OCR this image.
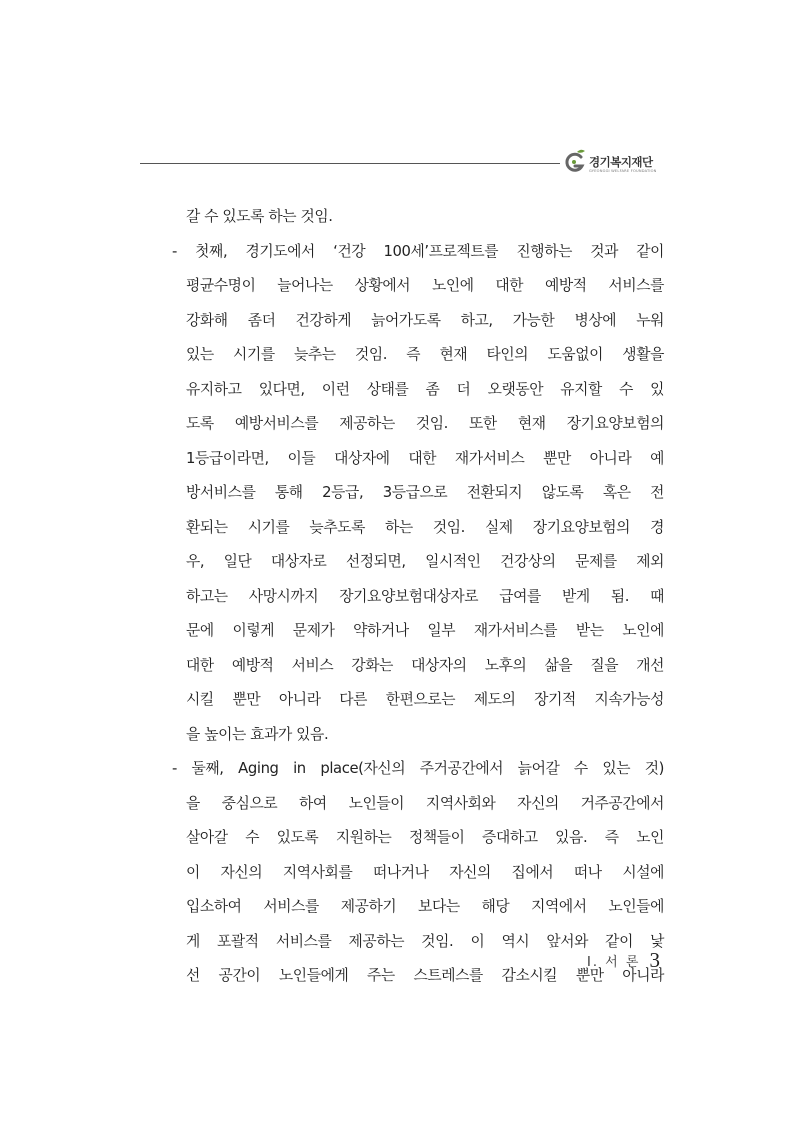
경기복지재단
GYEONGGI WELFARE FOUNDATION
갈 수 있도록 하는 것임.
- 첫째, 경기도에서 ‘건강 100세’프로젝트를 진행하는 것과 같이
평균수명이 늘어나는 상황에서 노인에 대한 예방적 서비스를
강화해 좀더 건강하게 늙어가도록 하고, 가능한 병상에 누워
있는 시기를 늦추는 것임. 즉 현재 타인의 도움없이 생활을
유지하고 있다면, 이런 상태를 좀 더 오랫동안 유지할 수 있
도록 예방서비스를 제공하는 것임. 또한 현재 장기요양보험의
1등급이라면, 이들 대상자에 대한 재가서비스 뿐만 아니라 예
방서비스를 통해 2등급, 3등급으로 전환되지 않도록 혹은 전
환되는 시기를 늦추도록 하는 것임. 실제 장기요양보험의 경
우, 일단 대상자로 선정되면, 일시적인 건강상의 문제를 제외
하고는 사망시까지 장기요양보험대상자로 급여를 받게 됨. 때
문에 이렇게 문제가 약하거나 일부 재가서비스를 받는 노인에
대한 예방적 서비스 강화는 대상자의 노후의 삶을 질을 개선
시킬 뿐만 아니라 다른 한편으로는 제도의 장기적 지속가능성
을 높이는 효과가 있음.
- 둘째, Aging in place(자신의 주거공간에서 늙어갈 수 있는 것)
을 중심으로 하여 노인들이 지역사회와 자신의 거주공간에서
살아갈 수 있도록 지원하는 정책들이 증대하고 있음. 즉 노인
이 자신의 지역사회를 떠나거나 자신의 집에서 떠나 시설에
입소하여 서비스를 제공하기 보다는 해당 지역에서 노인들에
게 포괄적 서비스를 제공하는 것임. 이 역시 앞서와 같이 낯
선 공간이 노인들에게 주는 스트레스를 감소시킬 뿐만 아니라
Ⅰ. 서 론 3
